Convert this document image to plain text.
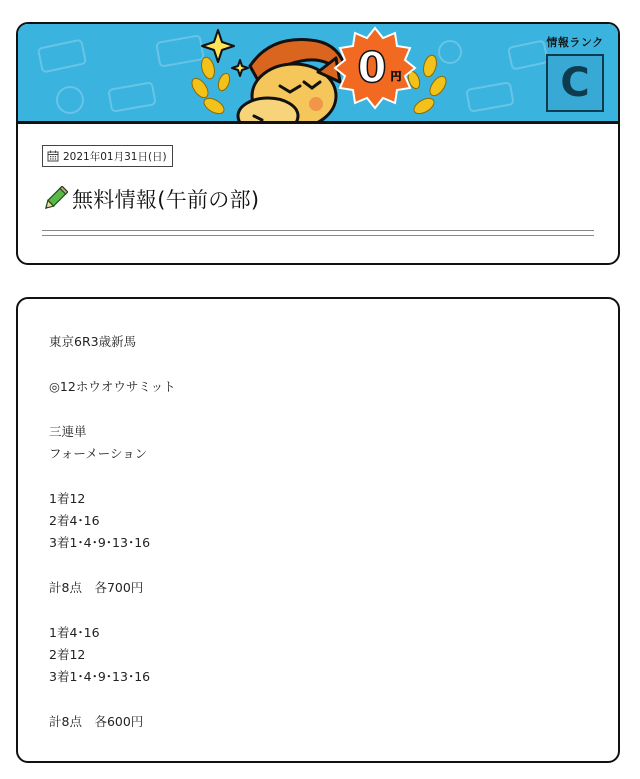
0 円
情報ランク
C
2021年01月31日(日)
無料情報(午前の部)
東京6R3歳新馬
◎12ホウオウサミット
三連単
フォーメーション
1着12
2着4･16
3着1･4･9･13･16
計8点　各700円
1着4･16
2着12
3着1･4･9･13･16
計8点　各600円
